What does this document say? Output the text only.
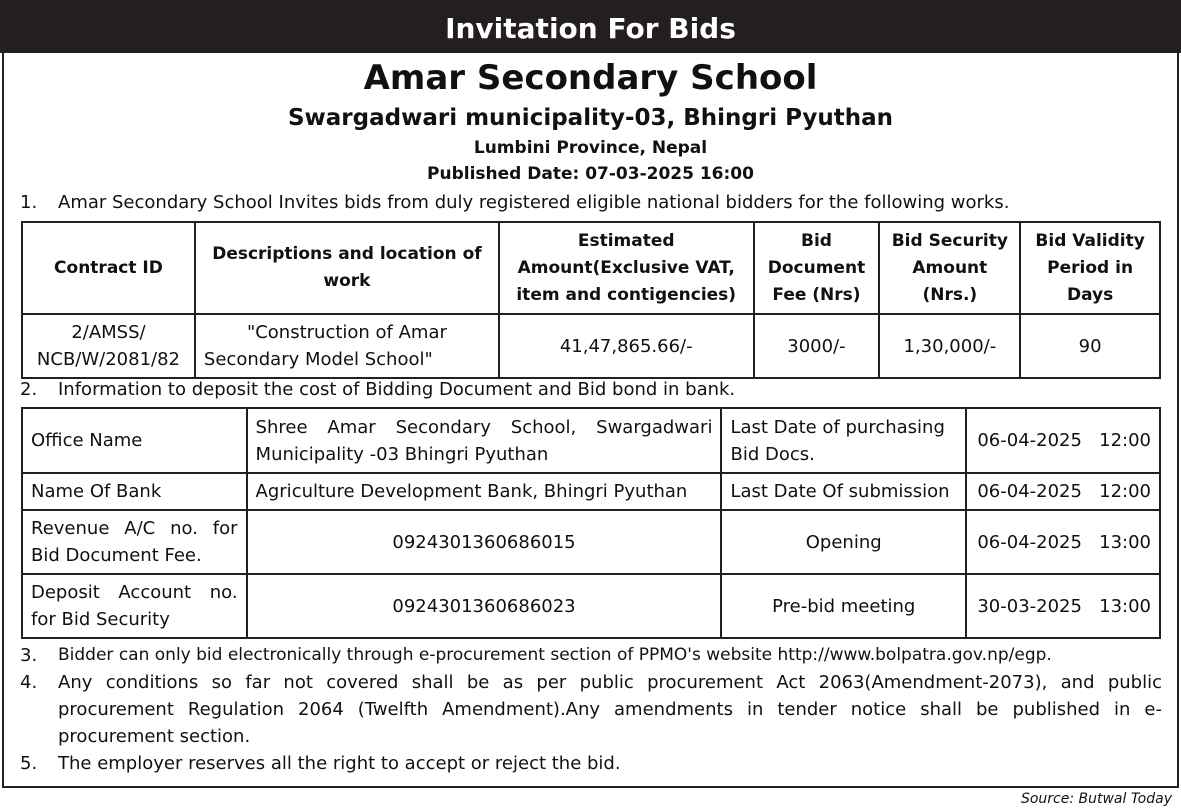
Invitation For Bids
Amar Secondary School
Swargadwari municipality-03, Bhingri Pyuthan
Lumbini Province, Nepal
Published Date: 07-03-2025 16:00
1. Amar Secondary School Invites bids from duly registered eligible national bidders for the following works.
Contract ID	Descriptions and location of work	Estimated Amount(Exclusive VAT, item and contigencies)	Bid Document Fee (Nrs)	Bid Security Amount (Nrs.)	Bid Validity Period in Days
2/AMSS/ NCB/W/2081/82	"Construction of Amar Secondary Model School"	41,47,865.66/-	3000/-	1,30,000/-	90
2. Information to deposit the cost of Bidding Document and Bid bond in bank.
Office Name	Shree Amar Secondary School, Swargadwari Municipality -03 Bhingri Pyuthan	Last Date of purchasing Bid Docs.	06-04-2025   12:00
Name Of Bank	Agriculture Development Bank, Bhingri Pyuthan	Last Date Of submission	06-04-2025   12:00
Revenue A/C no. for Bid Document Fee.	0924301360686015	Opening	06-04-2025   13:00
Deposit Account no. for Bid Security	0924301360686023	Pre-bid meeting	30-03-2025   13:00
3. Bidder can only bid electronically through e-procurement section of PPMO's website http://www.bolpatra.gov.np/egp.
4. Any conditions so far not covered shall be as per public procurement Act 2063(Amendment-2073), and public procurement Regulation 2064 (Twelfth Amendment).Any amendments in tender notice shall be published in e-procurement section.
5. The employer reserves all the right to accept or reject the bid.
Source: Butwal Today
